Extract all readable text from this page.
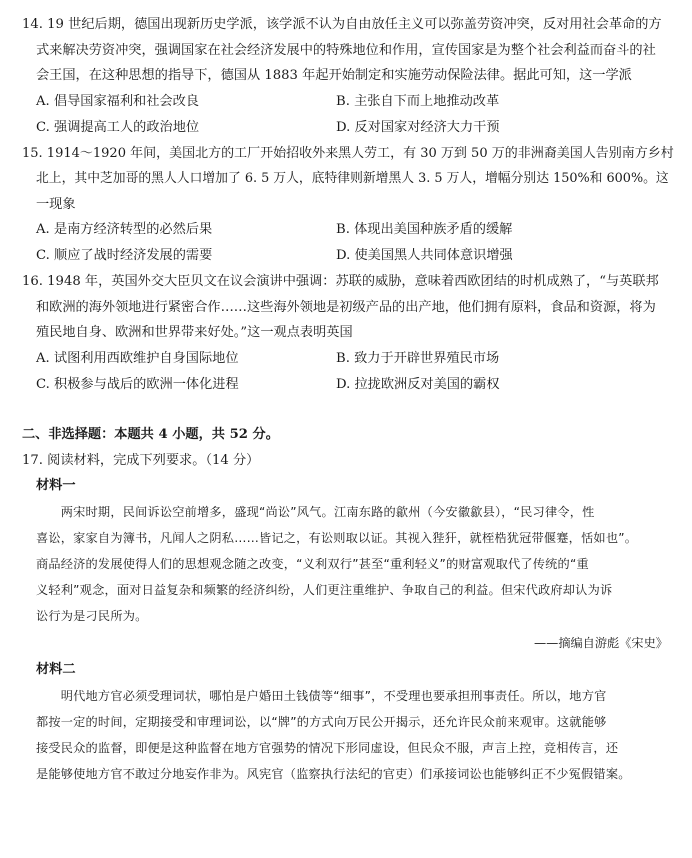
14. 19 世纪后期，德国出现新历史学派，该学派不认为自由放任主义可以弥盖劳资冲突，反对用社会革命的方
式来解决劳资冲突，强调国家在社会经济发展中的特殊地位和作用，宣传国家是为整个社会利益而奋斗的社
会王国，在这种思想的指导下，德国从 1883 年起开始制定和实施劳动保险法律。据此可知，这一学派
A. 倡导国家福利和社会改良	B. 主张自下而上地推动改革
C. 强调提高工人的政治地位	D. 反对国家对经济大力干预
15. 1914～1920 年间，美国北方的工厂开始招收外来黑人劳工，有 30 万到 50 万的非洲裔美国人告别南方乡村
北上，其中芝加哥的黑人人口增加了 6. 5 万人，底特律则新增黑人 3. 5 万人，增幅分别达 150%和 600%。这
一现象
A. 是南方经济转型的必然后果	B. 体现出美国种族矛盾的缓解
C. 顺应了战时经济发展的需要	D. 使美国黑人共同体意识增强
16. 1948 年，英国外交大臣贝文在议会演讲中强调：苏联的威胁，意味着西欧团结的时机成熟了，“与英联邦
和欧洲的海外领地进行紧密合作……这些海外领地是初级产品的出产地，他们拥有原料，食品和资源，将为
殖民地自身、欧洲和世界带来好处。”这一观点表明英国
A. 试图利用西欧维护自身国际地位	B. 致力于开辟世界殖民市场
C. 积极参与战后的欧洲一体化进程	D. 拉拢欧洲反对美国的霸权
二、非选择题：本题共 4 小题，共 52 分。
17. 阅读材料，完成下列要求。（14 分）
材料一
　　两宋时期，民间诉讼空前增多，盛现“尚讼”风气。江南东路的歙州（今安徽歙县），“民习律令，性
喜讼，家家自为簿书，凡闻人之阴私……皆记之，有讼则取以证。其视入狴犴，就桎梏犹冠带偃蹇，恬如也”。
商品经济的发展使得人们的思想观念随之改变，“义利双行”甚至“重利轻义”的财富观取代了传统的“重
义轻利”观念，面对日益复杂和频繁的经济纠纷，人们更注重维护、争取自己的利益。但宋代政府却认为诉
讼行为是刁民所为。
——摘编自游彪《宋史》
材料二
　　明代地方官必须受理词状，哪怕是户婚田土钱债等“细事”，不受理也要承担刑事责任。所以，地方官
都按一定的时间，定期接受和审理词讼，以“牌”的方式向万民公开揭示，还允许民众前来观审。这就能够
接受民众的监督，即便是这种监督在地方官强势的情况下形同虚设，但民众不服，声言上控，竞相传言，还
是能够使地方官不敢过分地妄作非为。风宪官（监察执行法纪的官吏）们承接词讼也能够纠正不少冤假错案。
